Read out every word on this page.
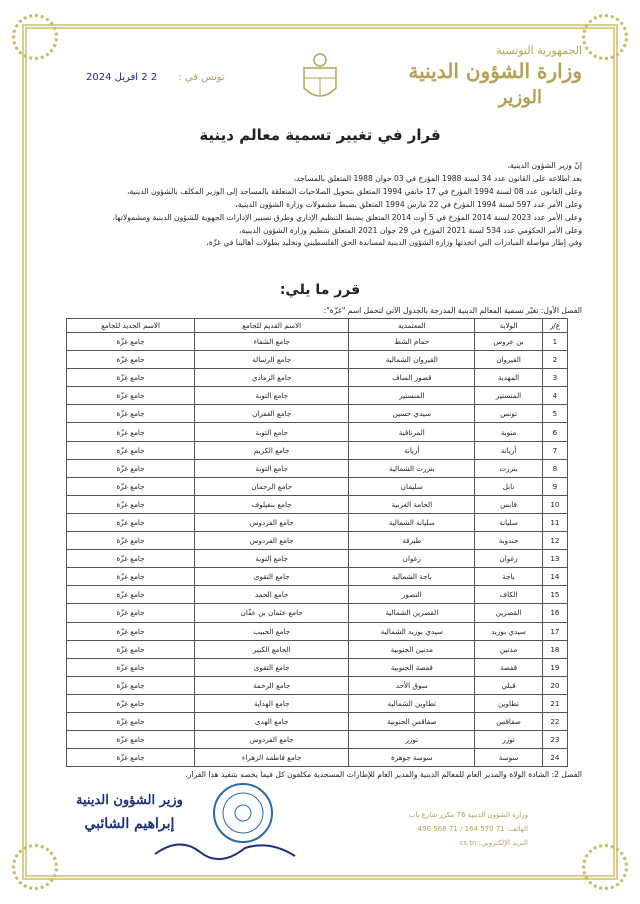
الجمهورية التونسية
وزارة الشؤون الدينية
الوزير
تونس في : 2 2 افريل 2024
قرار في تغيير تسمية معالم دينية
إنّ وزير الشؤون الدينية،
بعد اطلاعه على القانون عدد 34 لسنة 1988 المؤرخ في 03 جوان 1988 المتعلق بالمساجد،
وعلى القانون عدد 08 لسنة 1994 المؤرخ في 17 جانفي 1994 المتعلق بتحويل الصلاحيات المتعلقة بالمساجد إلى الوزير المكلف بالشؤون الدينية،
وعلى الأمر عدد 597 لسنة 1994 المؤرخ في 22 مارس 1994 المتعلق بضبط مشمولات وزارة الشؤون الدينية،
وعلى الأمر عدد 2023 لسنة 2014 المؤرخ في 5 أوت 2014 المتعلق بضبط التنظيم الإداري وطرق تسيير الإدارات الجهوية للشؤون الدينية ومشمولاتها،
وعلى الأمر الحكومي عدد 534 لسنة 2021 المؤرخ في 29 جوان 2021 المتعلق بتنظيم وزارة الشؤون الدينية،
وفي إطار مواصلة المبادرات التي اتخذتها وزارة الشؤون الدينية لمساندة الحق الفلسطيني وتخليد بطولات أهالينا في غزّة،
قرر ما يلي:
الفصل الأول: تغيّر تسمية المعالم الدينية المدرجة بالجدول الآتي لتحمل اسم "غزّة":
ع/ر	الولاية	المعتمدية	الاسم القديم للجامع	الاسم الجديد للجامع
1	بن عروس	حمام الشط	جامع الشفاء	جامع غزّة
2	القيروان	القيروان الشمالية	جامع الرسالة	جامع غزّة
3	المهدية	قصور الساف	جامع الزمادي	جامع غزّة
4	المنستير	المنستير	جامع التوبة	جامع غزّة
5	تونس	سيدي حسين	جامع الغفران	جامع غزّة
6	منوبة	المرناقية	جامع التوبة	جامع غزّة
7	أريانة	أريانة	جامع الكريم	جامع غزّة
8	بنزرت	بنزرت الشمالية	جامع التوبة	جامع غزّة
9	نابل	سليمان	جامع الرحمان	جامع غزّة
10	قابس	الحامة الغربية	جامع بنغيلوف	جامع غزّة
11	سليانة	سليانة الشمالية	جامع الفردوس	جامع غزّة
12	جندوبة	طبرقة	جامع الفردوس	جامع غزّة
13	زغوان	زغوان	جامع التوبة	جامع غزّة
14	باجة	باجة الشمالية	جامع التقوى	جامع غزّة
15	الكاف	التصور	جامع الحمد	جامع غزّة
16	القصرين	القصرين الشمالية	جامع عثمان بن عفّان	جامع غزّة
17	سيدي بوزيد	سيدي بوزيد الشمالية	جامع الحبيب	جامع غزّة
18	مدنين	مدنين الجنوبية	الجامع الكبير	جامع غزّة
19	قفصة	قفصة الجنوبية	جامع التقوى	جامع غزّة
20	قبلي	سوق الأحد	جامع الرحمة	جامع غزّة
21	تطاوين	تطاوين الشمالية	جامع الهداية	جامع غزّة
22	صفاقس	صفاقس الجنوبية	جامع الهدى	جامع غزّة
23	توزر	توزر	جامع الفردوس	جامع غزّة
24	سوسة	سوسة جوهرة	جامع فاطمة الزهراء	جامع غزّة
الفصل 2: الشادة الولاة والمدير العام للمعالم الدينية والمدير العام للإطارات المسجدية مكلفون كل فيما يخصه بتنفيذ هذا القرار.
وزير الشؤون الدينية
إبراهيم الشائبي
وزارة الشؤون الدينية 76 مكرر شارع باب
الهاتف: 71 570 164 / 71 568 496
البريد الإلكتروني: cs.tn
